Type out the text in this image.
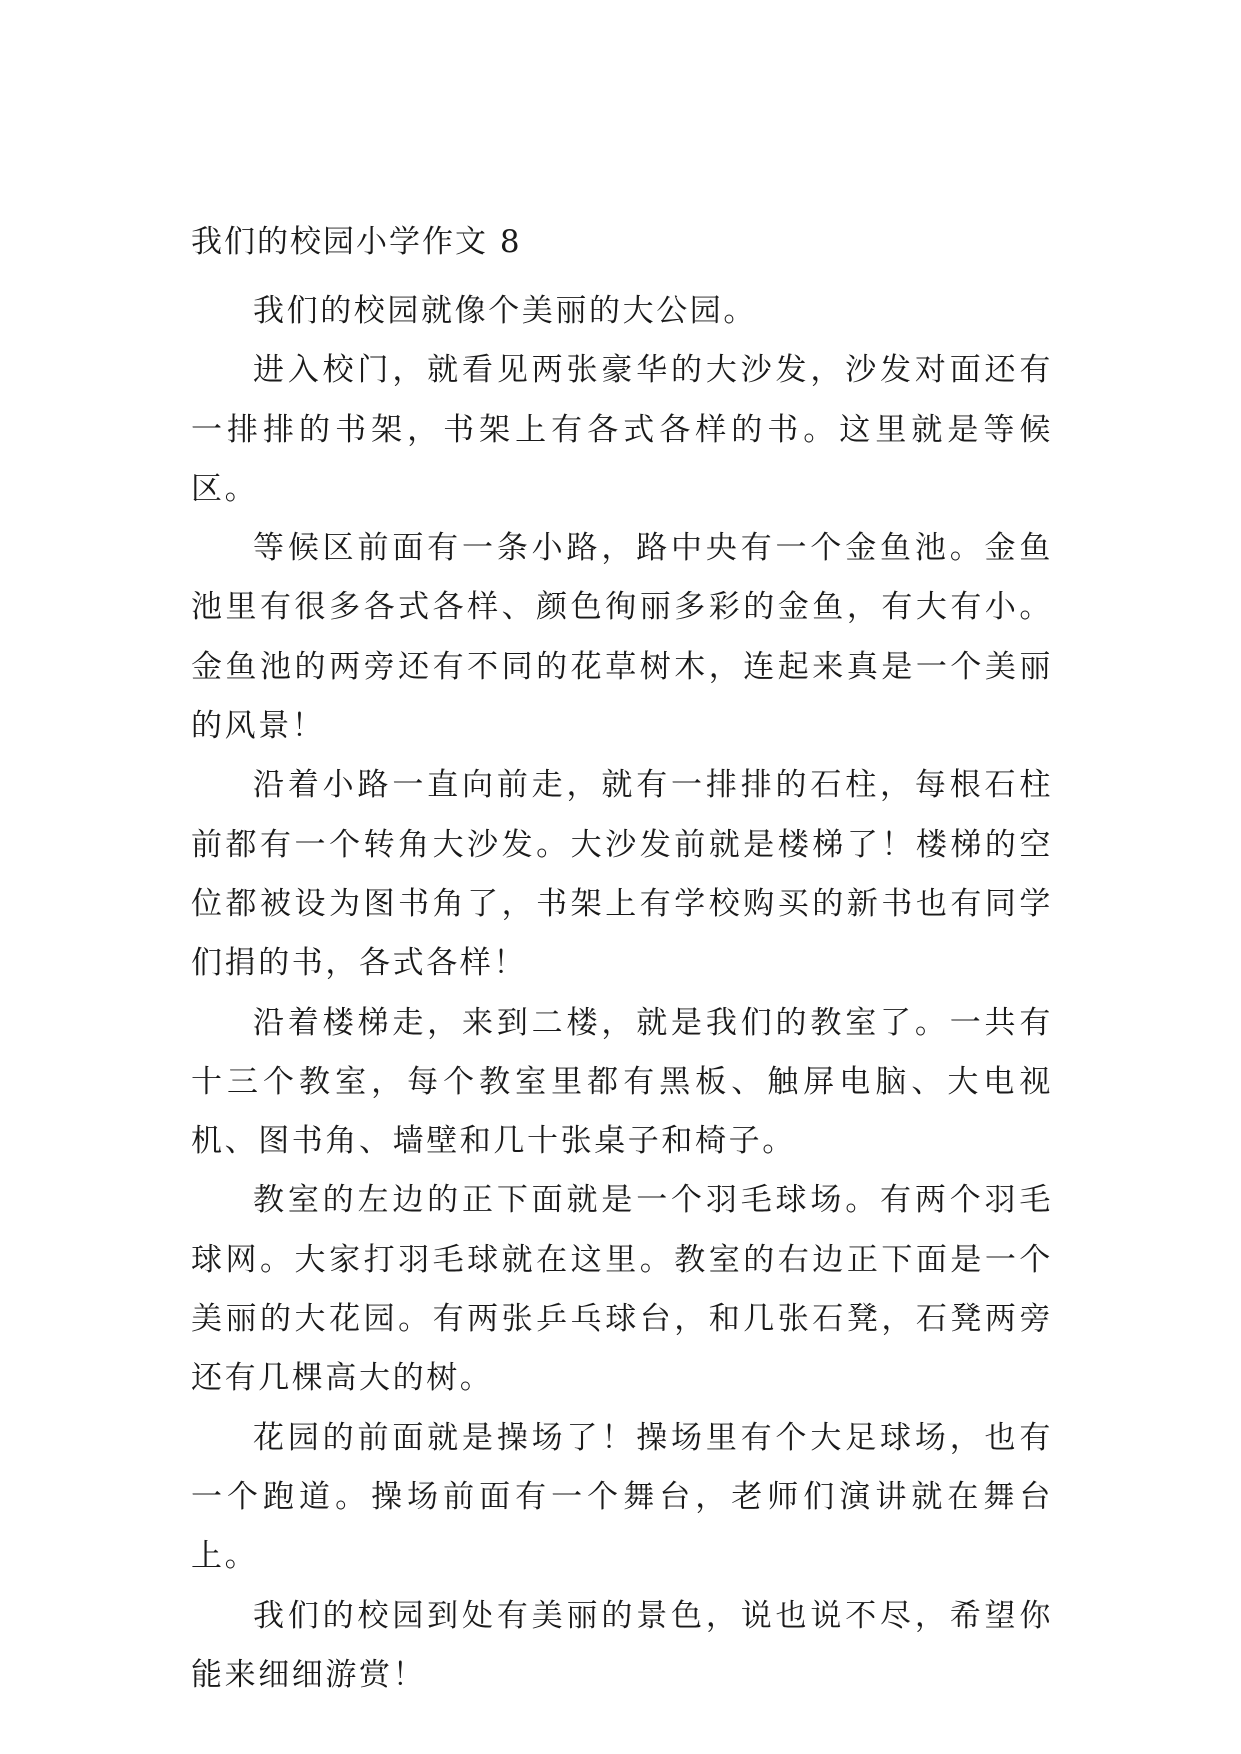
我们的校园小学作文 8

我们的校园就像个美丽的大公园。

进入校门，就看见两张豪华的大沙发，沙发对面还有一排排的书架，书架上有各式各样的书。这里就是等候区。

等候区前面有一条小路，路中央有一个金鱼池。金鱼池里有很多各式各样、颜色徇丽多彩的金鱼，有大有小。金鱼池的两旁还有不同的花草树木，连起来真是一个美丽的风景！

沿着小路一直向前走，就有一排排的石柱，每根石柱前都有一个转角大沙发。大沙发前就是楼梯了！楼梯的空位都被设为图书角了，书架上有学校购买的新书也有同学们捐的书，各式各样！

沿着楼梯走，来到二楼，就是我们的教室了。一共有十三个教室，每个教室里都有黑板、触屏电脑、大电视机、图书角、墙壁和几十张桌子和椅子。

教室的左边的正下面就是一个羽毛球场。有两个羽毛球网。大家打羽毛球就在这里。教室的右边正下面是一个美丽的大花园。有两张乒乓球台，和几张石凳，石凳两旁还有几棵高大的树。

花园的前面就是操场了！操场里有个大足球场，也有一个跑道。操场前面有一个舞台，老师们演讲就在舞台上。

我们的校园到处有美丽的景色，说也说不尽，希望你能来细细游赏！
